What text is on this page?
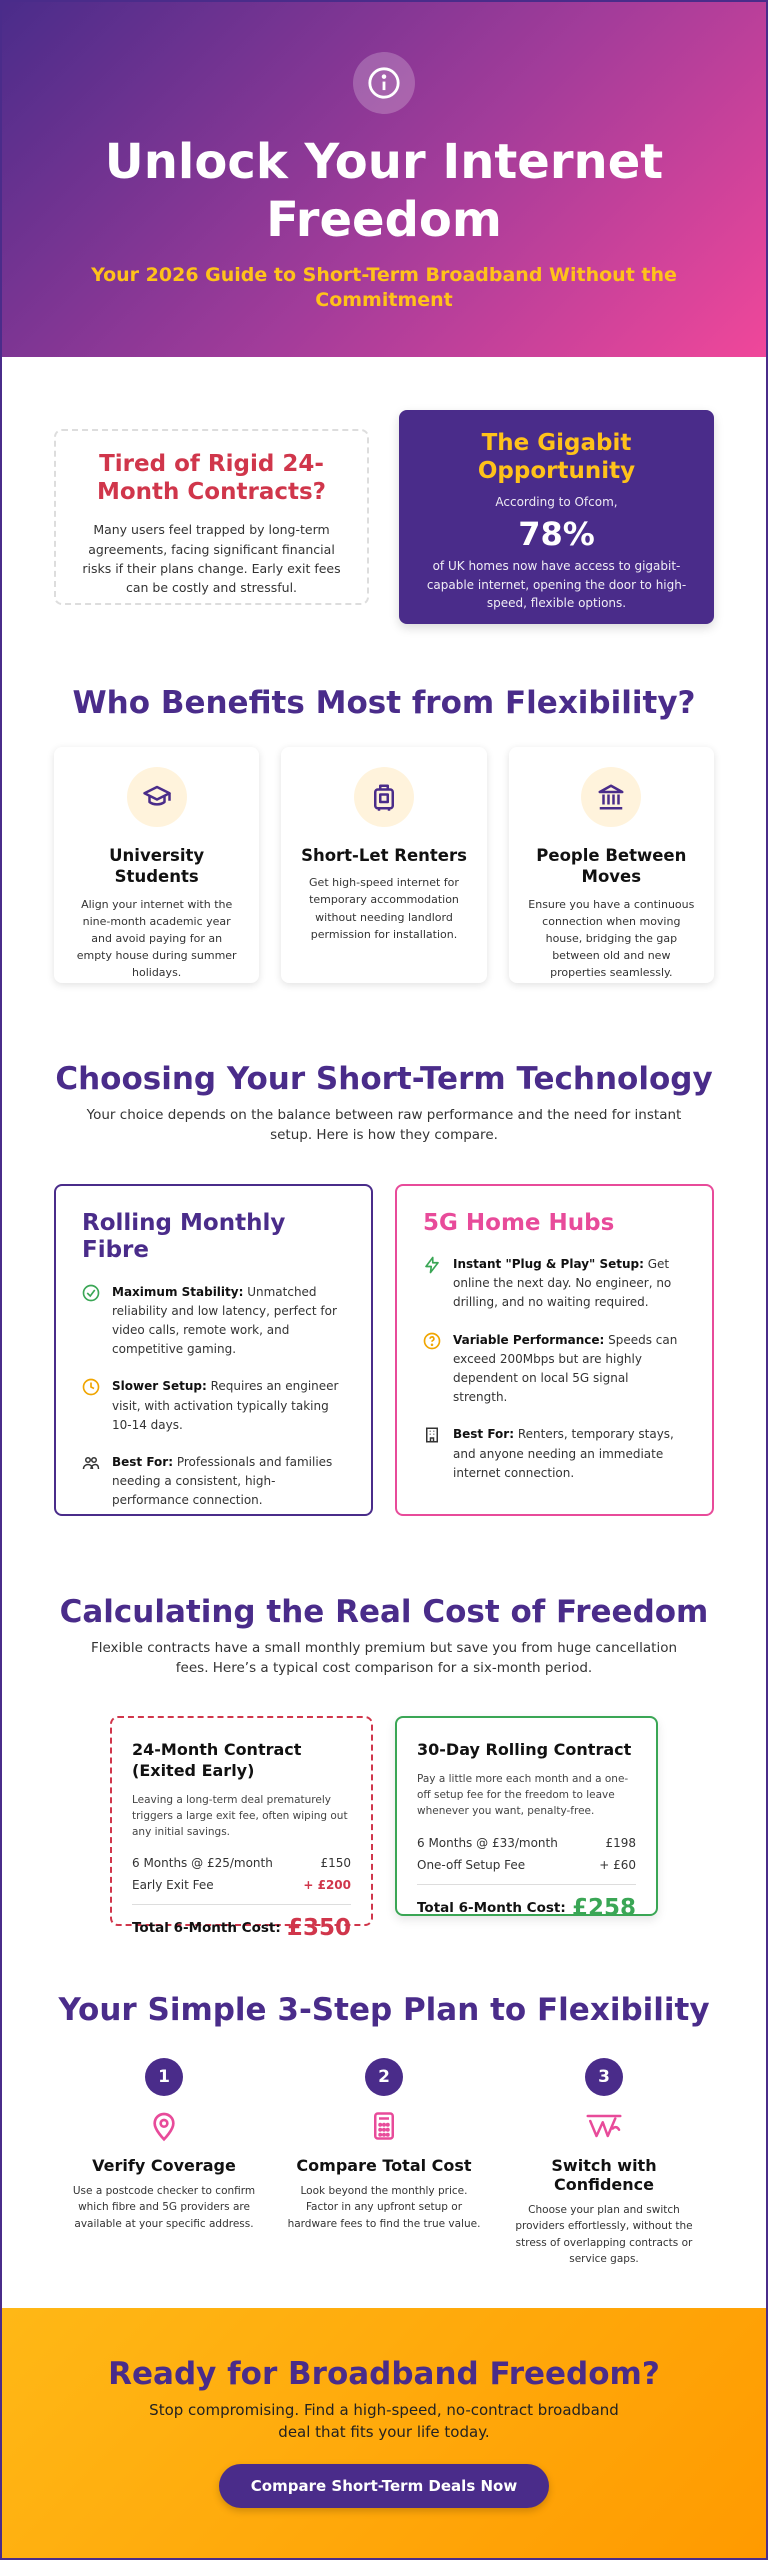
Unlock Your Internet Freedom
Your 2026 Guide to Short-Term Broadband Without the Commitment
Tired of Rigid 24-Month Contracts?

Many users feel trapped by long-term agreements, facing significant financial risks if their plans change. Early exit fees can be costly and stressful.

The Gigabit Opportunity
According to Ofcom,
78%

of UK homes now have access to gigabit-capable internet, opening the door to high-speed, flexible options.

Who Benefits Most from Flexibility?
University Students

Align your internet with the nine-month academic year and avoid paying for an empty house during summer holidays.

Short-Let Renters

Get high-speed internet for temporary accommodation without needing landlord permission for installation.

People Between Moves

Ensure you have a continuous connection when moving house, bridging the gap between old and new properties seamlessly.

Choosing Your Short-Term Technology
Your choice depends on the balance between raw performance and the need for instant setup. Here is how they compare.
Rolling Monthly Fibre

Maximum Stability: Unmatched reliability and low latency, perfect for video calls, remote work, and competitive gaming.

Slower Setup: Requires an engineer visit, with activation typically taking 10-14 days.

Best For: Professionals and families needing a consistent, high-performance connection.

5G Home Hubs

Instant "Plug & Play" Setup: Get online the next day. No engineer, no drilling, and no waiting required.

Variable Performance: Speeds can exceed 200Mbps but are highly dependent on local 5G signal strength.

Best For: Renters, temporary stays, and anyone needing an immediate internet connection.

Calculating the Real Cost of Freedom
Flexible contracts have a small monthly premium but save you from huge cancellation fees. Here’s a typical cost comparison for a six-month period.
24-Month Contract (Exited Early)
Leaving a long-term deal prematurely triggers a large exit fee, often wiping out any initial savings.
6 Months @ £25/month	£150
Early Exit Fee	+ £200
Total 6-Month Cost: £350
30-Day Rolling Contract
Pay a little more each month and a one-off setup fee for the freedom to leave whenever you want, penalty-free.
6 Months @ £33/month	£198
One-off Setup Fee	+ £60
Total 6-Month Cost: £258
Your Simple 3-Step Plan to Flexibility
1
Verify Coverage

Use a postcode checker to confirm which fibre and 5G providers are available at your specific address.

2
Compare Total Cost

Look beyond the monthly price. Factor in any upfront setup or hardware fees to find the true value.

3
Switch with Confidence

Choose your plan and switch providers effortlessly, without the stress of overlapping contracts or service gaps.

Ready for Broadband Freedom?

Stop compromising. Find a high-speed, no-contract broadband deal that fits your life today.

Compare Short-Term Deals Now
